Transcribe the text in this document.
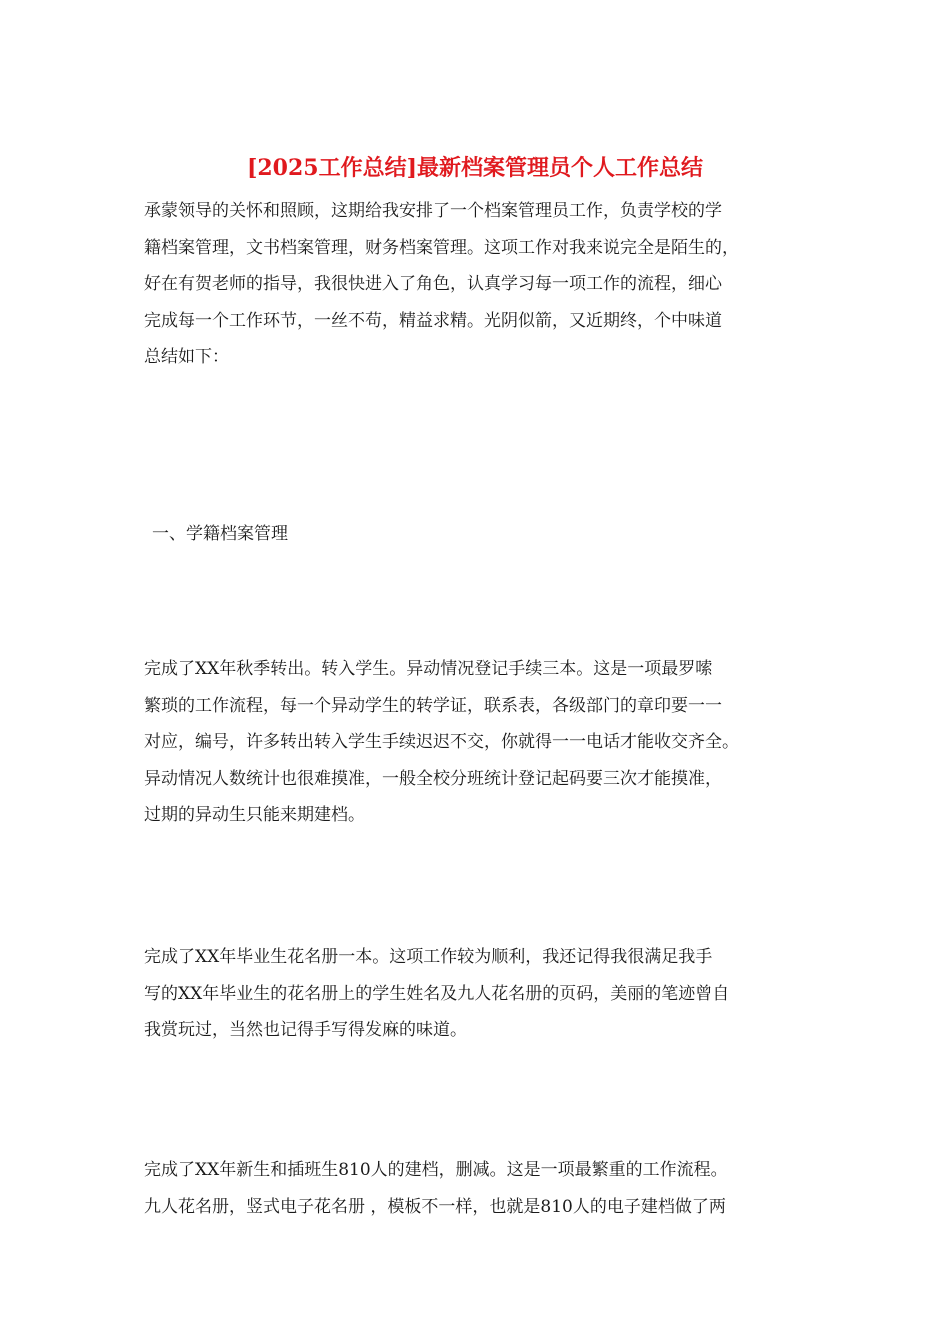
[2025工作总结]最新档案管理员个人工作总结

承蒙领导的关怀和照顾，这期给我安排了一个档案管理员工作，负责学校的学
籍档案管理，文书档案管理，财务档案管理。这项工作对我来说完全是陌生的，
好在有贺老师的指导，我很快进入了角色，认真学习每一项工作的流程，细心
完成每一个工作环节，一丝不苟，精益求精。光阴似箭，又近期终，个中味道
总结如下：

一、学籍档案管理

完成了XX年秋季转出。转入学生。异动情况登记手续三本。这是一项最罗嗦
繁琐的工作流程，每一个异动学生的转学证，联系表，各级部门的章印要一一
对应，编号，许多转出转入学生手续迟迟不交，你就得一一电话才能收交齐全。
异动情况人数统计也很难摸准，一般全校分班统计登记起码要三次才能摸准，
过期的异动生只能来期建档。

完成了XX年毕业生花名册一本。这项工作较为顺利，我还记得我很满足我手
写的XX年毕业生的花名册上的学生姓名及九人花名册的页码，美丽的笔迹曾自
我赏玩过，当然也记得手写得发麻的味道。

完成了XX年新生和插班生810人的建档，删减。这是一项最繁重的工作流程。
九人花名册，竖式电子花名册 ，模板不一样，也就是810人的电子建档做了两
